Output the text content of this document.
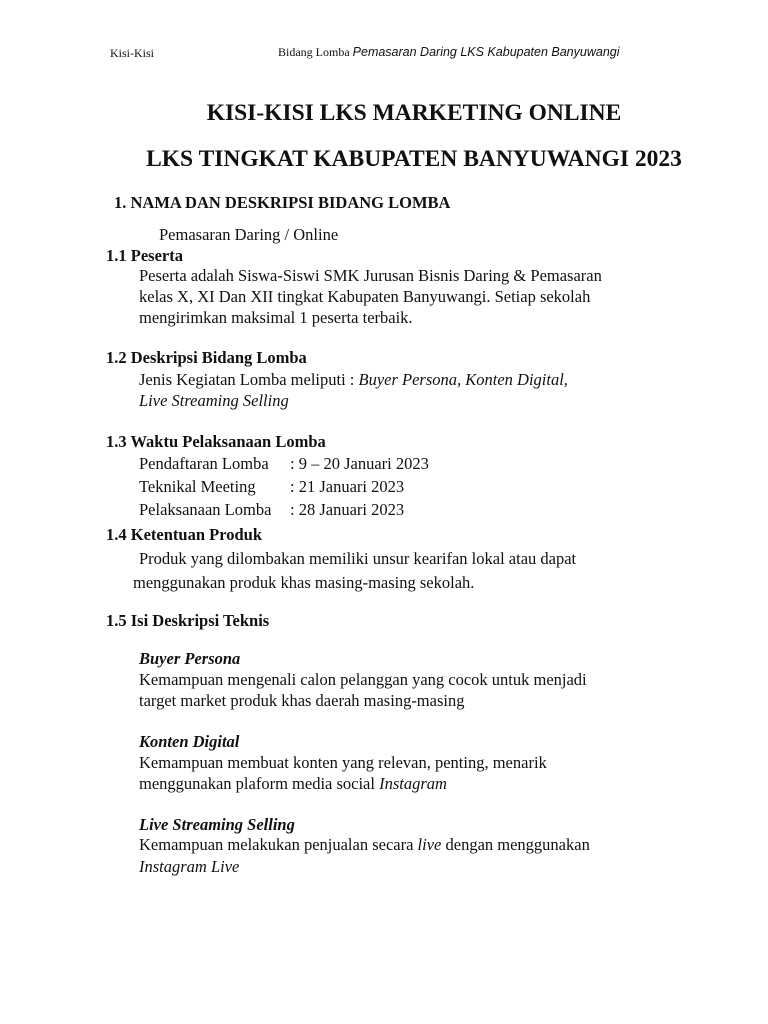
Kisi-Kisi	Bidang Lomba Pemasaran Daring LKS Kabupaten Banyuwangi
KISI-KISI LKS MARKETING ONLINE
LKS TINGKAT KABUPATEN BANYUWANGI 2023
1. NAMA DAN DESKRIPSI BIDANG LOMBA
Pemasaran Daring / Online
1.1 Peserta
Peserta adalah Siswa-Siswi SMK Jurusan Bisnis Daring & Pemasaran
kelas X, XI Dan XII tingkat Kabupaten Banyuwangi. Setiap sekolah
mengirimkan maksimal 1 peserta terbaik.
1.2 Deskripsi Bidang Lomba
Jenis Kegiatan Lomba meliputi : Buyer Persona, Konten Digital,
Live Streaming Selling
1.3 Waktu Pelaksanaan Lomba
Pendaftaran Lomba : 9 – 20 Januari 2023
Teknikal Meeting : 21 Januari 2023
Pelaksanaan Lomba : 28 Januari 2023
1.4 Ketentuan Produk
Produk yang dilombakan memiliki unsur kearifan lokal atau dapat
menggunakan produk khas masing-masing sekolah.
1.5 Isi Deskripsi Teknis
Buyer Persona
Kemampuan mengenali calon pelanggan yang cocok untuk menjadi
target market produk khas daerah masing-masing
Konten Digital
Kemampuan membuat konten yang relevan, penting, menarik
menggunakan plaform media social Instagram
Live Streaming Selling
Kemampuan melakukan penjualan secara live dengan menggunakan
Instagram Live
